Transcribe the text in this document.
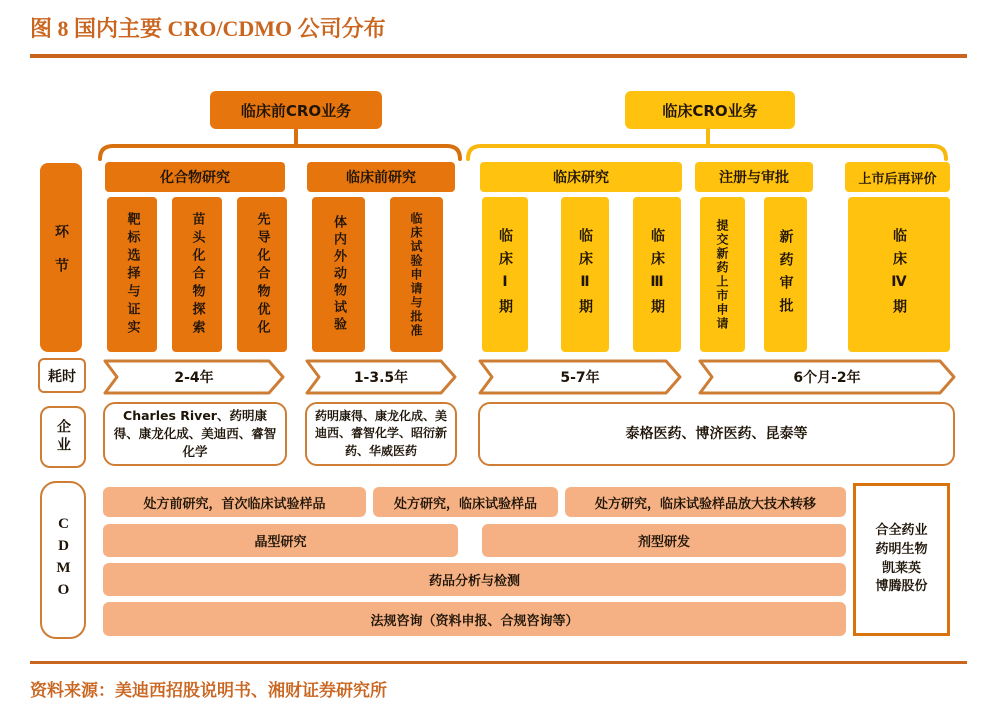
图 8 国内主要 CRO/CDMO 公司分布
临床前CRO业务	临床CRO业务
环节
化合物研究	临床前研究	临床研究	注册与审批	上市后再评价
靶标选择与证实	苗头化合物探索	先导化合物优化	体内外动物试验	临床试验申请与批准	临床Ⅰ期	临床Ⅱ期	临床Ⅲ期	提交新药上市申请	新药审批	临床Ⅳ期
耗时	2-4年	1-3.5年	5-7年	6个月-2年
企业
Charles River、药明康得、康龙化成、美迪西、睿智化学
药明康得、康龙化成、美迪西、睿智化学、昭衍新药、华威医药
泰格医药、博济医药、昆泰等
CDMO
处方前研究，首次临床试验样品	处方研究，临床试验样品	处方研究，临床试验样品放大技术转移
晶型研究	剂型研发
药品分析与检测
法规咨询（资料申报、合规咨询等）
合全药业
药明生物
凯莱英
博腾股份
资料来源：美迪西招股说明书、湘财证券研究所
